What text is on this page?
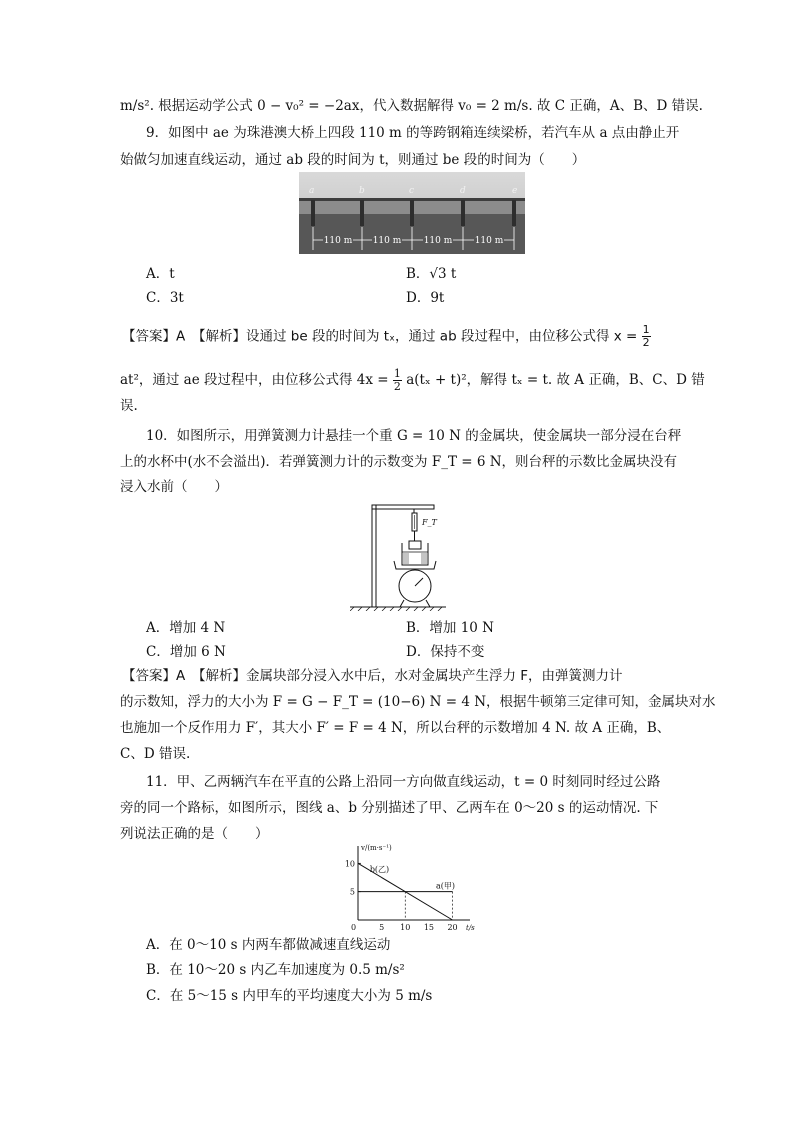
m/s². 根据运动学公式 0 − v₀² = −2ax，代入数据解得 v₀ = 2 m/s. 故 C 正确，A、B、D 错误.
9．如图中 ae 为珠港澳大桥上四段 110 m 的等跨钢箱连续梁桥，若汽车从 a 点由静止开
始做匀加速直线运动，通过 ab 段的时间为 t，则通过 be 段的时间为（　　）
a	b	c	d	e
110 m 110 m 110 m 110 m
A．t	B．√3 t
C．3t	D．9t
【答案】A　【解析】设通过 be 段的时间为 tₓ，通过 ab 段过程中，由位移公式得 $x = \frac{1}{2}$
at²，通过 ae 段过程中，由位移公式得 $4x = \frac{1}{2} a(t_x + t)^2$，解得 tₓ = t. 故 A 正确，B、C、D 错
误.
10．如图所示，用弹簧测力计悬挂一个重 G = 10 N 的金属块，使金属块一部分浸在台秤
上的水杯中(水不会溢出)．若弹簧测力计的示数变为 F_T = 6 N，则台秤的示数比金属块没有
浸入水前（　　）
F_T
A．增加 4 N	B．增加 10 N
C．增加 6 N	D．保持不变
【答案】A　【解析】金属块部分浸入水中后，水对金属块产生浮力 F，由弹簧测力计
的示数知，浮力的大小为 F = G − F_T = (10−6) N = 4 N，根据牛顿第三定律可知，金属块对水
也施加一个反作用力 F′，其大小 F′ = F = 4 N，所以台秤的示数增加 4 N. 故 A 正确，B、
C、D 错误.
11．甲、乙两辆汽车在平直的公路上沿同一方向做直线运动，t = 0 时刻同时经过公路
旁的同一个路标，如图所示，图线 a、b 分别描述了甲、乙两车在 0～20 s 的运动情况. 下
列说法正确的是（　　）
v/(m·s⁻¹)
t/s
0	5 10 15 20
5
10
a(甲)
b(乙)
A．在 0～10 s 内两车都做减速直线运动
B．在 10～20 s 内乙车加速度为 0.5 m/s²
C．在 5～15 s 内甲车的平均速度大小为 5 m/s
